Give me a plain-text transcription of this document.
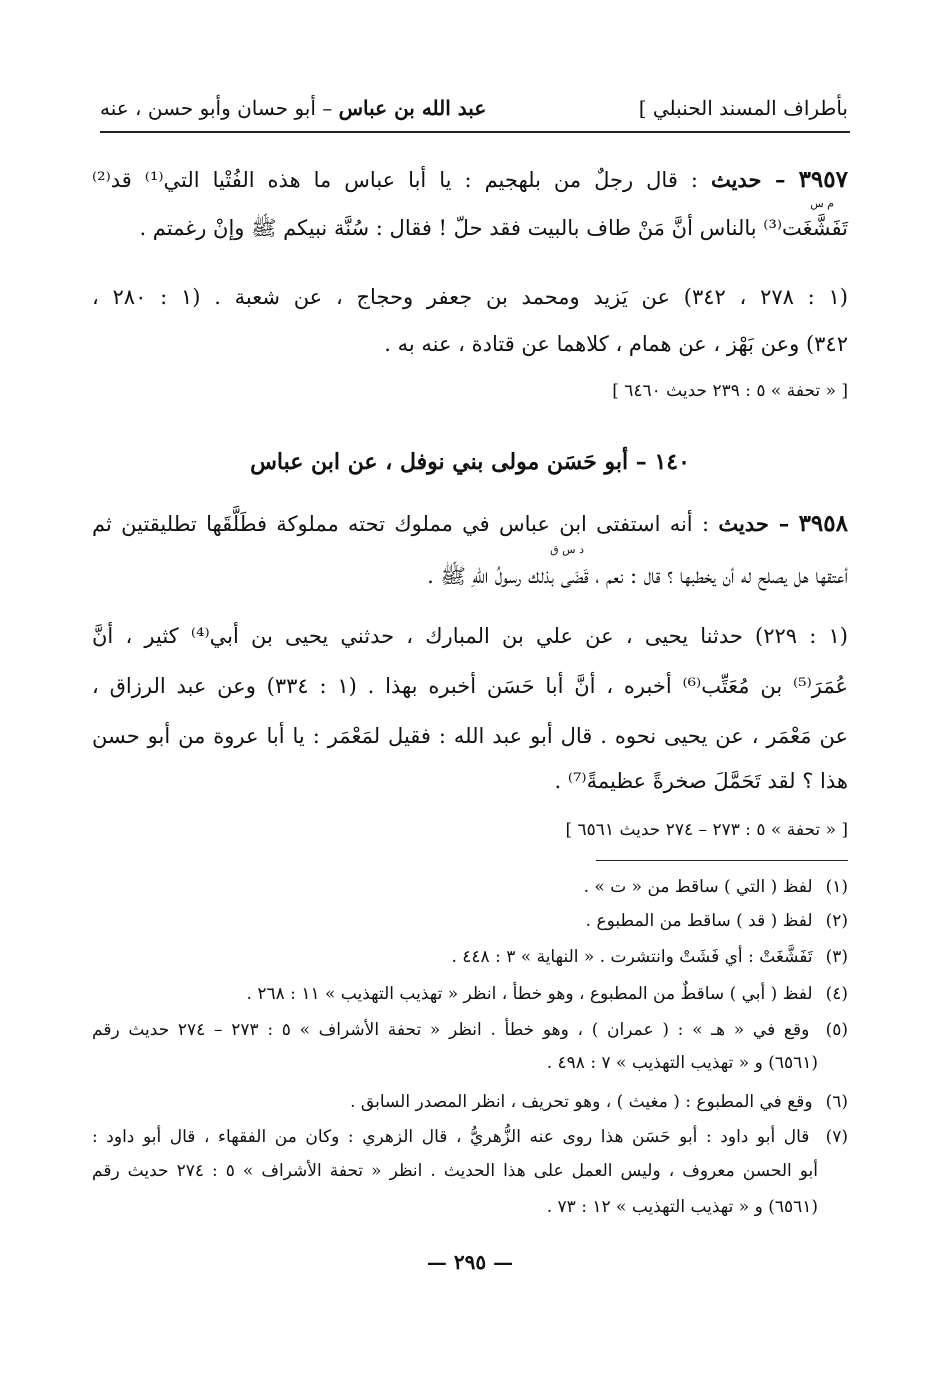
بأطراف المسند الحنبلي ]
عبد الله بن عباس – أبو حسان وأبو حسن ، عنه
٣٩٥٧ – حديث : قال رجلٌ من بلهجيم : يا أبا عباس ما هذه الفُتْيا التي⁽¹⁾ قد⁽²⁾
م س
تَفَشَّغَت⁽³⁾ بالناس أنَّ مَنْ طاف بالبيت فقد حلّ ! فقال : سُنَّة نبيكم ﷺ وإنْ رغمتم .
(١ : ٢٧٨ ، ٣٤٢) عن يَزيد ومحمد بن جعفر وحجاج ، عن شعبة . (١ : ٢٨٠ ،
٣٤٢) وعن بَهْز ، عن همام ، كلاهما عن قتادة ، عنه به .
[ « تحفة » ٥ : ٢٣٩ حديث ٦٤٦٠ ]
١٤٠ – أبو حَسَن مولى بني نوفل ، عن ابن عباس
٣٩٥٨ – حديث : أنه استفتى ابن عباس في مملوك تحته مملوكة فطَلَّقَها تطليقتين ثم
د س ق
أعتقها هل يصلح له أن يخطبها ؟ قال : نعم ، قَضَى بذلك رسولُ اللهِ ﷺ .
(١ : ٢٢٩) حدثنا يحيى ، عن علي بن المبارك ، حدثني يحيى بن أبي⁽⁴⁾ كثير ، أنَّ
عُمَرَ⁽⁵⁾ بن مُعَتِّب⁽⁶⁾ أخبره ، أنَّ أبا حَسَن أخبره بهذا . (١ : ٣٣٤) وعن عبد الرزاق ،
عن مَعْمَر ، عن يحيى نحوه . قال أبو عبد الله : فقيل لمَعْمَر : يا أبا عروة من أبو حسن
هذا ؟ لقد تَحَمَّلَ صخرةً عظيمةً⁽⁷⁾ .
[ « تحفة » ٥ : ٢٧٣ – ٢٧٤ حديث ٦٥٦١ ]
(١) لفظ ( التي ) ساقط من « ت » .
(٢) لفظ ( قد ) ساقط من المطبوع .
(٣) تَفَشَّغَتْ : أي فَشَتْ وانتشرت . « النهاية » ٣ : ٤٤٨ .
(٤) لفظ ( أبي ) ساقطٌ من المطبوع ، وهو خطأ ، انظر « تهذيب التهذيب » ١١ : ٢٦٨ .
(٥) وقع في « هـ » : ( عمران ) ، وهو خطأ . انظر « تحفة الأشراف » ٥ : ٢٧٣ – ٢٧٤ حديث رقم
(٦٥٦١) و « تهذيب التهذيب » ٧ : ٤٩٨ .
(٦) وقع في المطبوع : ( مغيث ) ، وهو تحريف ، انظر المصدر السابق .
(٧) قال أبو داود : أبو حَسَن هذا روى عنه الزُّهريُّ ، قال الزهري : وكان من الفقهاء ، قال أبو داود :
أبو الحسن معروف ، وليس العمل على هذا الحديث . انظر « تحفة الأشراف » ٥ : ٢٧٤ حديث رقم
(٦٥٦١) و « تهذيب التهذيب » ١٢ : ٧٣ .
— ٢٩٥ —
